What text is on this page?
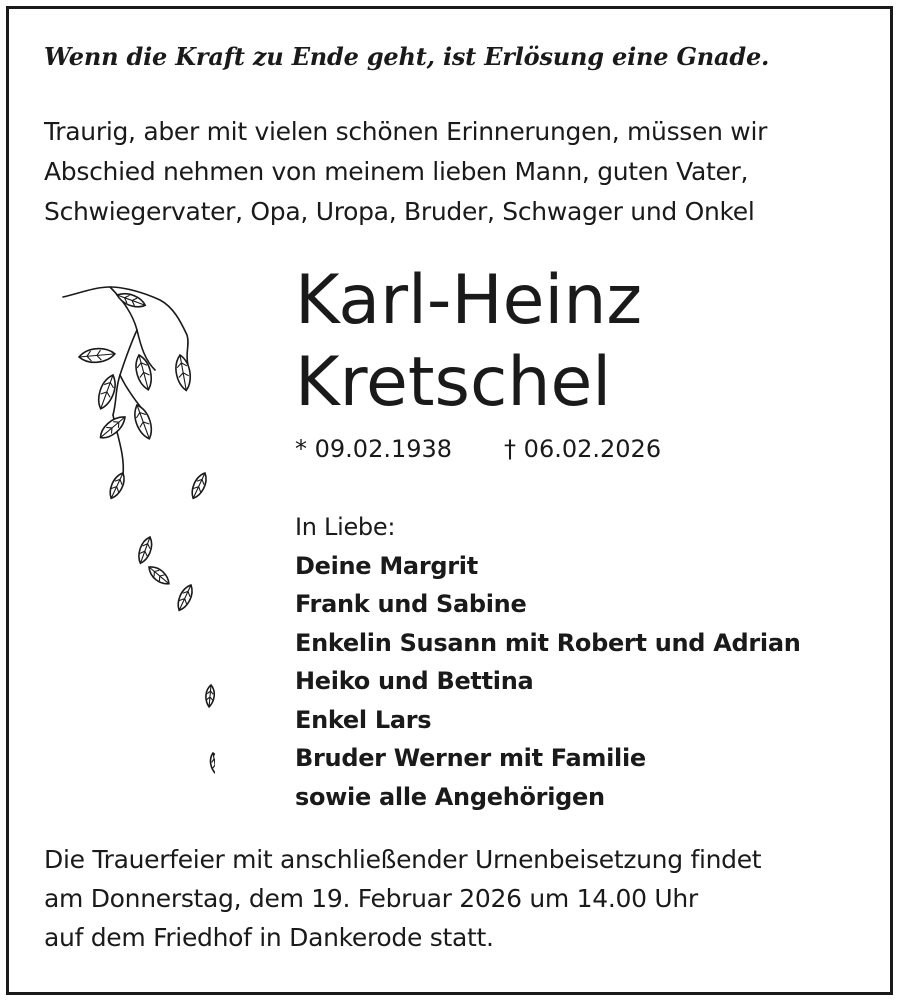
Wenn die Kraft zu Ende geht, ist Erlösung eine Gnade.
Traurig, aber mit vielen schönen Erinnerungen, müssen wir
Abschied nehmen von meinem lieben Mann, guten Vater,
Schwiegervater, Opa, Uropa, Bruder, Schwager und Onkel
Karl-Heinz
Kretschel
* 09.02.1938 † 06.02.2026
In Liebe:
Deine Margrit
Frank und Sabine
Enkelin Susann mit Robert und Adrian
Heiko und Bettina
Enkel Lars
Bruder Werner mit Familie
sowie alle Angehörigen
Die Trauerfeier mit anschließender Urnenbeisetzung findet
am Donnerstag, dem 19. Februar 2026 um 14.00 Uhr
auf dem Friedhof in Dankerode statt.
